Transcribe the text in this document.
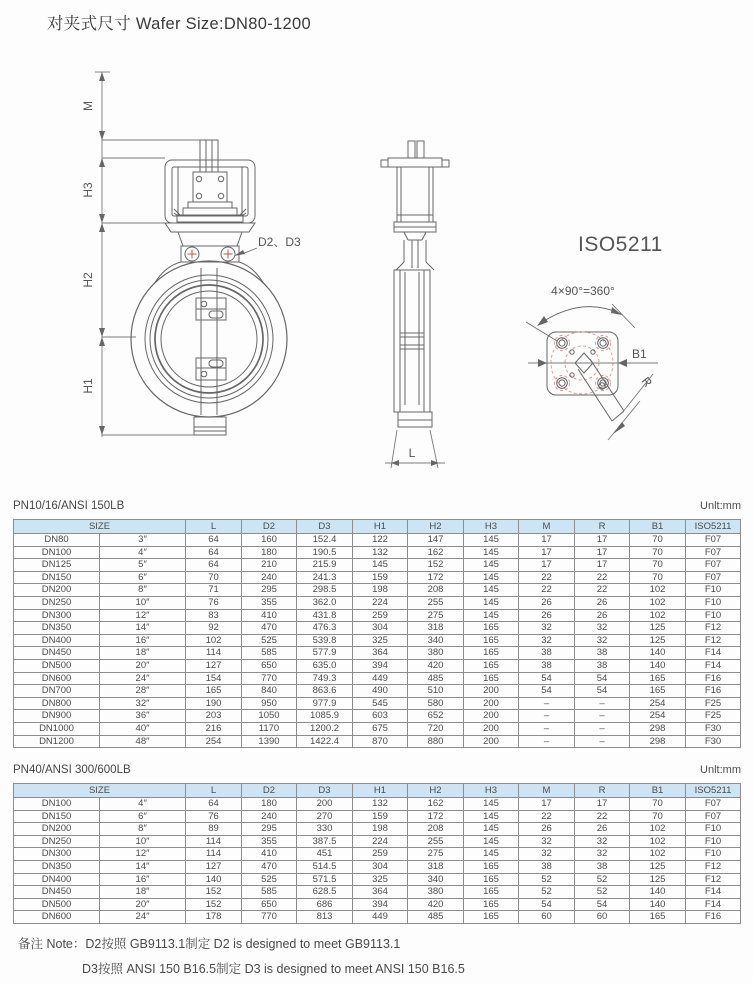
对夹式尺寸 Wafer Size:DN80-1200
M
H3
H2
H1
D2、D3
L
ISO5211
4×90°=360°
B1
R
PN10/16/ANSI 150LB	Unlt:mm
SIZE		L	D2	D3	H1	H2	H3	M	R	B1	ISO5211
DN80	3″	64	160	152.4	122	147	145	17	17	70	F07
DN100	4″	64	180	190.5	132	162	145	17	17	70	F07
DN125	5″	64	210	215.9	145	152	145	17	17	70	F07
DN150	6″	70	240	241.3	159	172	145	22	22	70	F07
DN200	8″	71	295	298.5	198	208	145	22	22	102	F10
DN250	10″	76	355	362.0	224	255	145	26	26	102	F10
DN300	12″	83	410	431.8	259	275	145	26	26	102	F10
DN350	14″	92	470	476.3	304	318	165	32	32	125	F12
DN400	16″	102	525	539.8	325	340	165	32	32	125	F12
DN450	18″	114	585	577.9	364	380	165	38	38	140	F14
DN500	20″	127	650	635.0	394	420	165	38	38	140	F14
DN600	24″	154	770	749.3	449	485	165	54	54	165	F16
DN700	28″	165	840	863.6	490	510	200	54	54	165	F16
DN800	32″	190	950	977.9	545	580	200	–	–	254	F25
DN900	36″	203	1050	1085.9	603	652	200	–	–	254	F25
DN1000	40″	216	1170	1200.2	675	720	200	–	–	298	F30
DN1200	48″	254	1390	1422.4	870	880	200	–	–	298	F30
PN40/ANSI 300/600LB	Unlt:mm
SIZE		L	D2	D3	H1	H2	H3	M	R	B1	ISO5211
DN100	4″	64	180	200	132	162	145	17	17	70	F07
DN150	6″	76	240	270	159	172	145	22	22	70	F07
DN200	8″	89	295	330	198	208	145	26	26	102	F10
DN250	10″	114	355	387.5	224	255	145	32	32	102	F10
DN300	12″	114	410	451	259	275	145	32	32	102	F10
DN350	14″	127	470	514.5	304	318	165	38	38	125	F12
DN400	16″	140	525	571.5	325	340	165	52	52	125	F12
DN450	18″	152	585	628.5	364	380	165	52	52	140	F14
DN500	20″	152	650	686	394	420	165	54	54	140	F14
DN600	24″	178	770	813	449	485	165	60	60	165	F16
备注 Note：D2按照 GB9113.1制定 D2 is designed to meet GB9113.1
D3按照 ANSI 150 B16.5制定 D3 is designed to meet ANSI 150 B16.5
